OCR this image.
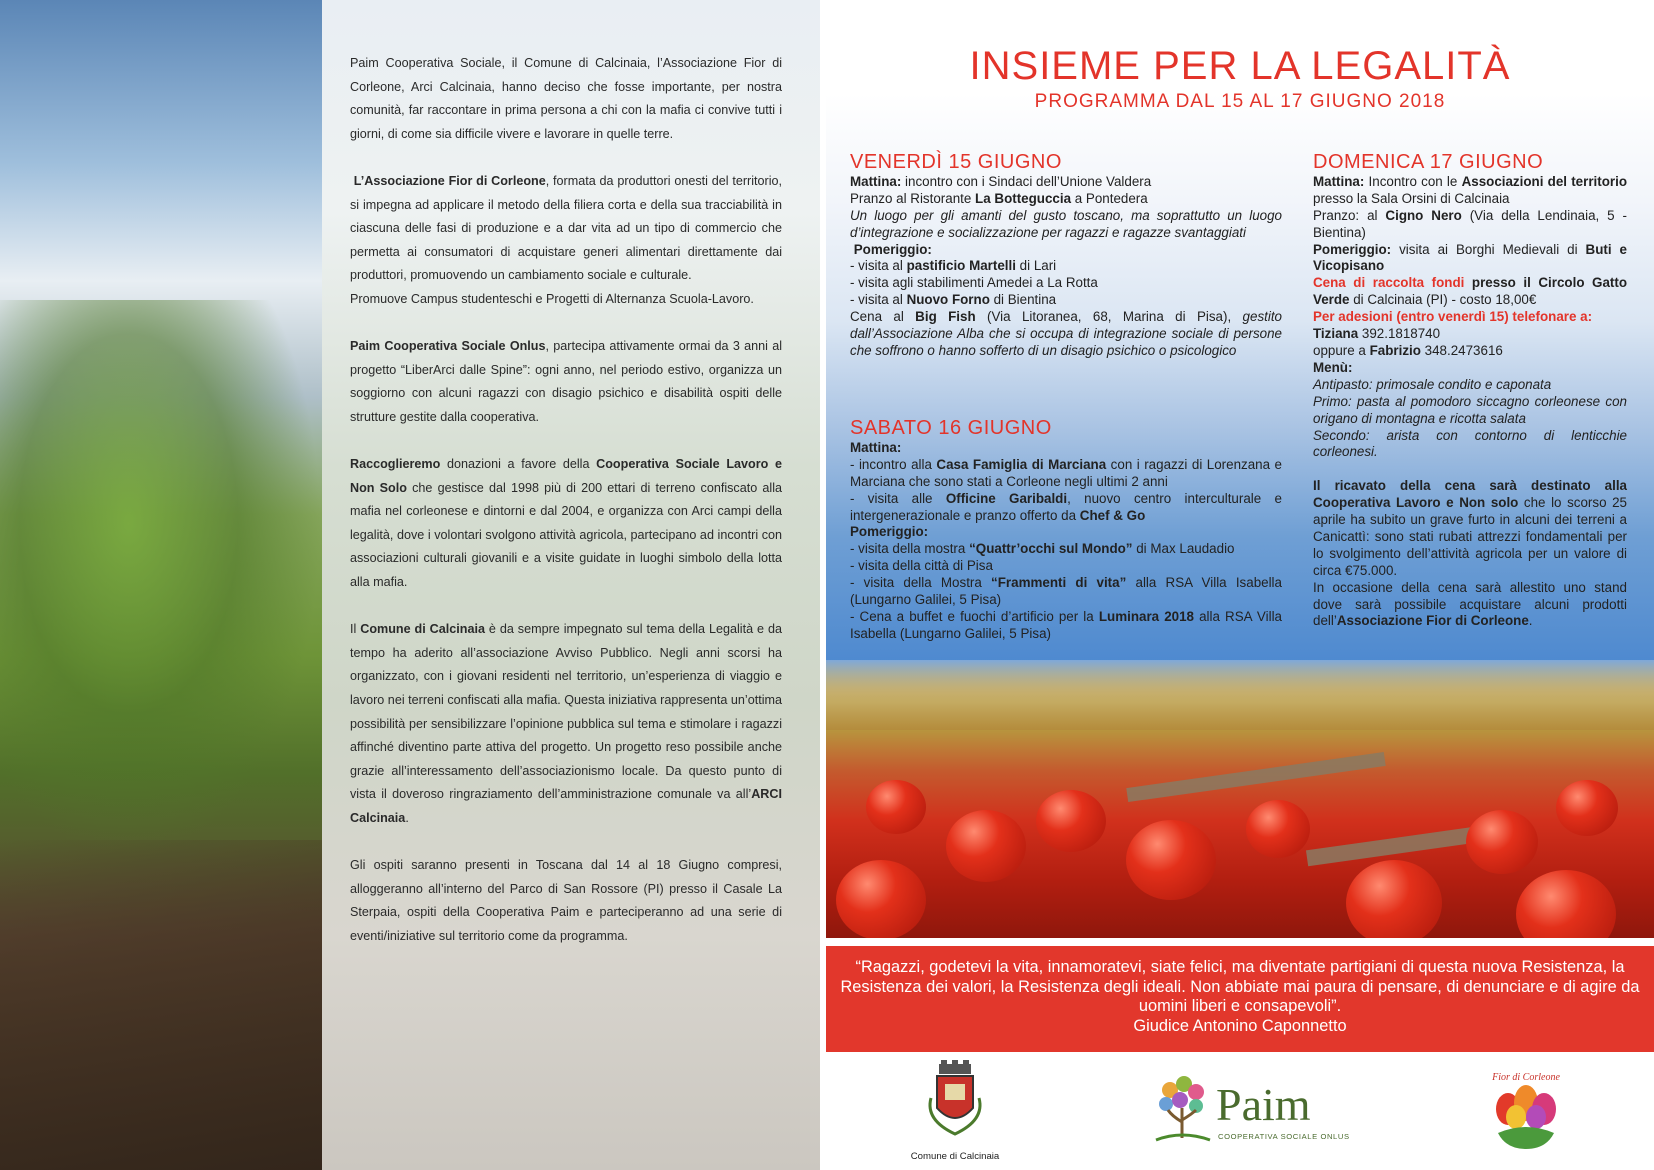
Paim Cooperativa Sociale, il Comune di Calcinaia, l’Associazione Fior di Corleone, Arci Calcinaia, hanno deciso che fosse importante, per nostra comunità, far raccontare in prima persona a chi con la mafia ci convive tutti i giorni, di come sia difficile vivere e lavorare in quelle terre.

L’Associazione Fior di Corleone, formata da produttori onesti del territorio, si impegna ad applicare il metodo della filiera corta e della sua tracciabilità in ciascuna delle fasi di produzione e a dar vita ad un tipo di commercio che permetta ai consumatori di acquistare generi alimentari direttamente dai produttori, promuovendo un cambiamento sociale e culturale.

Promuove Campus studenteschi e Progetti di Alternanza Scuola-Lavoro.

Paim Cooperativa Sociale Onlus, partecipa attivamente ormai da 3 anni al progetto “LiberArci dalle Spine”: ogni anno, nel periodo estivo, organizza un soggiorno con alcuni ragazzi con disagio psichico e disabilità ospiti delle strutture gestite dalla cooperativa.

Raccoglieremo donazioni a favore della Cooperativa Sociale Lavoro e Non Solo che gestisce dal 1998 più di 200 ettari di terreno confiscato alla mafia nel corleonese e dintorni e dal 2004, e organizza con Arci campi della legalità, dove i volontari svolgono attività agricola, partecipano ad incontri con associazioni culturali giovanili e a visite guidate in luoghi simbolo della lotta alla mafia.

Il Comune di Calcinaia è da sempre impegnato sul tema della Legalità e da tempo ha aderito all’associazione Avviso Pubblico. Negli anni scorsi ha organizzato, con i giovani residenti nel territorio, un’esperienza di viaggio e lavoro nei terreni confiscati alla mafia. Questa iniziativa rappresenta un’ottima possibilità per sensibilizzare l’opinione pubblica sul tema e stimolare i ragazzi affinché diventino parte attiva del progetto. Un progetto reso possibile anche grazie all’interessamento dell’associazionismo locale. Da questo punto di vista il doveroso ringraziamento dell’amministrazione comunale va all’ARCI Calcinaia.

Gli ospiti saranno presenti in Toscana dal 14 al 18 Giugno compresi, alloggeranno all’interno del Parco di San Rossore (PI) presso il Casale La Sterpaia, ospiti della Cooperativa Paim e parteciperanno ad una serie di eventi/iniziative sul territorio come da programma.

INSIEME PER LA LEGALITÀ
PROGRAMMA DAL 15 AL 17 GIUGNO 2018
VENERDÌ 15 GIUGNO

Mattina: incontro con i Sindaci dell’Unione Valdera

Pranzo al Ristorante La Botteguccia a Pontedera

Un luogo per gli amanti del gusto toscano, ma soprattutto un luogo d’integrazione e socializzazione per ragazzi e ragazze svantaggiati

Pomeriggio:

- visita al pastificio Martelli di Lari

- visita agli stabilimenti Amedei a La Rotta

- visita al Nuovo Forno di Bientina

Cena al Big Fish (Via Litoranea, 68, Marina di Pisa), gestito dall’Associazione Alba che si occupa di integrazione sociale di persone che soffrono o hanno sofferto di un disagio psichico o psicologico

SABATO 16 GIUGNO

Mattina:

- incontro alla Casa Famiglia di Marciana con i ragazzi di Lorenzana e Marciana che sono stati a Corleone negli ultimi 2 anni

- visita alle Officine Garibaldi, nuovo centro interculturale e intergenerazionale e pranzo offerto da Chef & Go

Pomeriggio:

- visita della mostra “Quattr’occhi sul Mondo” di Max Laudadio

- visita della città di Pisa

- visita della Mostra “Frammenti di vita” alla RSA Villa Isabella (Lungarno Galilei, 5 Pisa)

- Cena a buffet e fuochi d’artificio per la Luminara 2018 alla RSA Villa Isabella (Lungarno Galilei, 5 Pisa)

DOMENICA 17 GIUGNO

Mattina: Incontro con le Associazioni del territorio presso la Sala Orsini di Calcinaia

Pranzo: al Cigno Nero (Via della Lendinaia, 5 - Bientina)

Pomeriggio: visita ai Borghi Medievali di Buti e Vicopisano

Cena di raccolta fondi presso il Circolo Gatto Verde di Calcinaia (PI) - costo 18,00€

Per adesioni (entro venerdì 15) telefonare a:

Tiziana 392.1818740

oppure a Fabrizio 348.2473616

Menù:

Antipasto: primosale condito e caponata

Primo: pasta al pomodoro siccagno corleonese con origano di montagna e ricotta salata

Secondo: arista con contorno di lenticchie corleonesi.

Il ricavato della cena sarà destinato alla Cooperativa Lavoro e Non solo che lo scorso 25 aprile ha subito un grave furto in alcuni dei terreni a Canicattì: sono stati rubati attrezzi fondamentali per lo svolgimento dell’attività agricola per un valore di circa €75.000.

In occasione della cena sarà allestito uno stand dove sarà possibile acquistare alcuni prodotti dell’Associazione Fior di Corleone.

“Ragazzi, godetevi la vita, innamoratevi, siate felici, ma diventate partigiani di questa nuova Resistenza, la Resistenza dei valori, la Resistenza degli ideali. Non abbiate mai paura di pensare, di denunciare e di agire da uomini liberi e consapevoli”.
Giudice Antonino Caponnetto
Comune di Calcinaia
Paim
COOPERATIVA SOCIALE ONLUS
Fior di Corleone
